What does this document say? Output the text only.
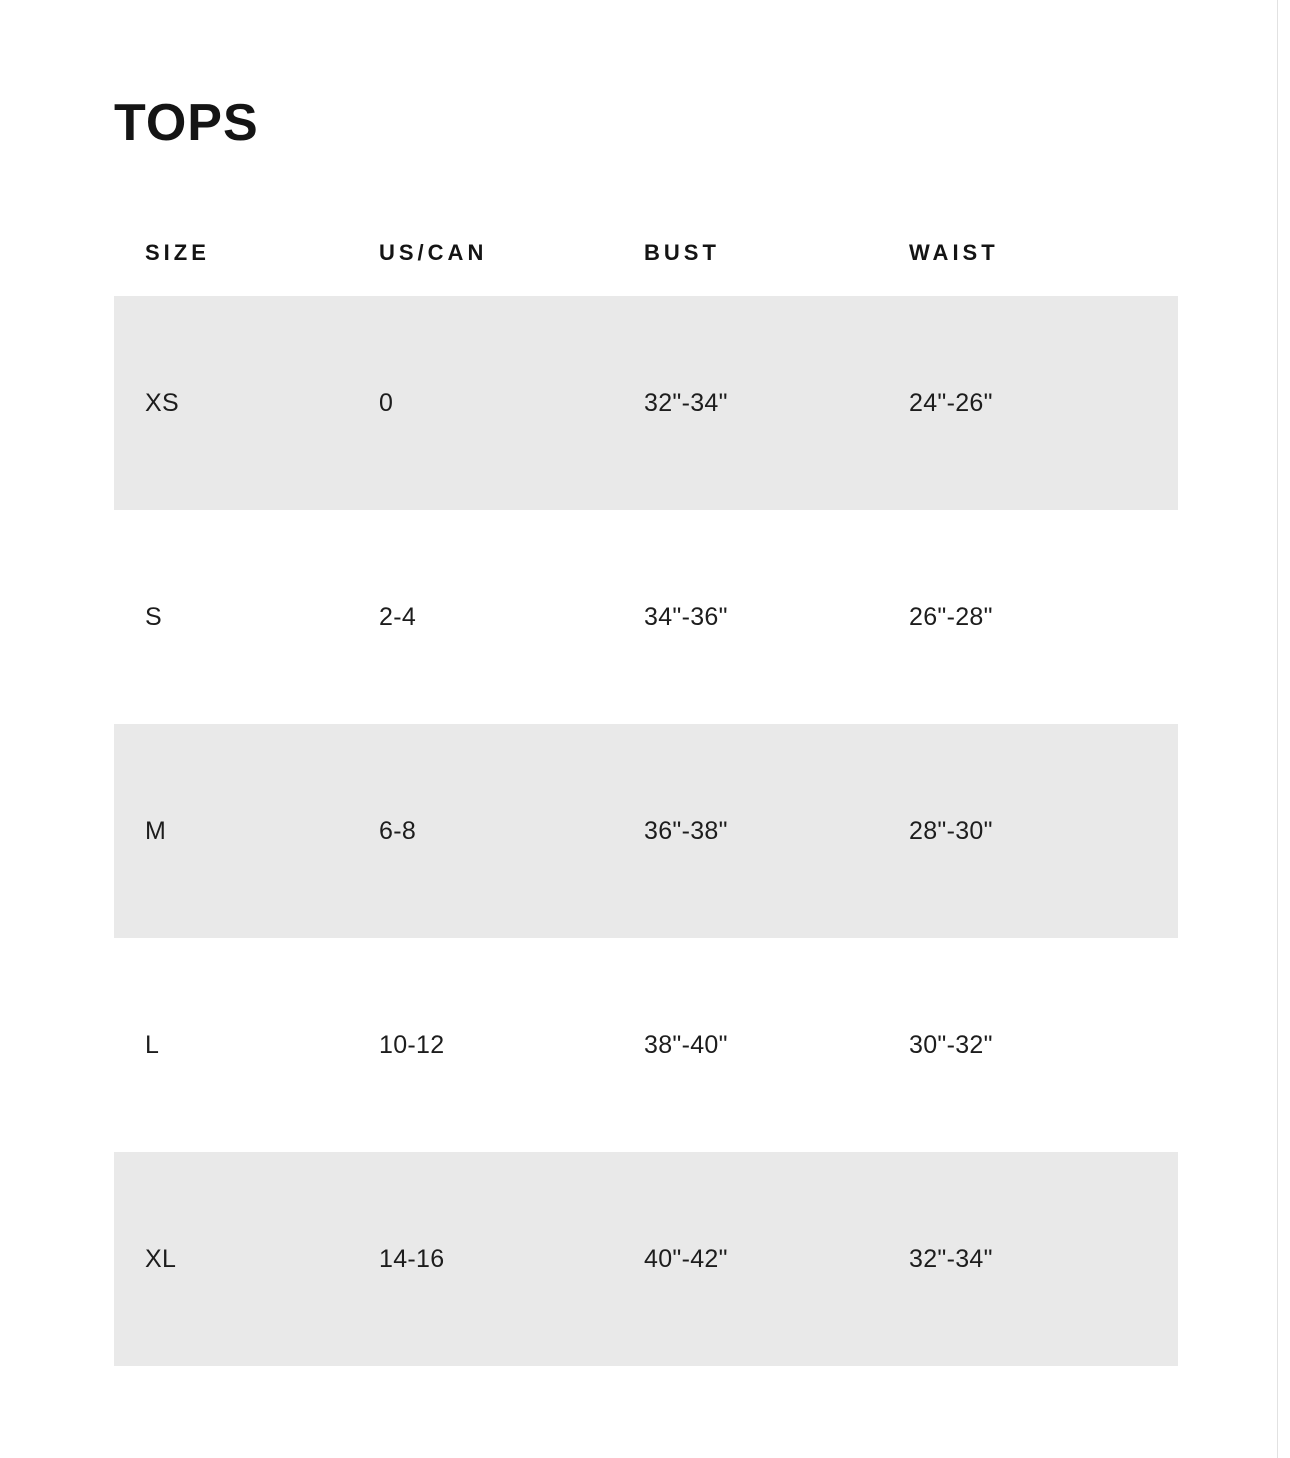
TOPS
SIZE	US/CAN	BUST	WAIST
XS	0	32"-34"	24"-26"
S	2-4	34"-36"	26"-28"
M	6-8	36"-38"	28"-30"
L	10-12	38"-40"	30"-32"
XL	14-16	40"-42"	32"-34"
